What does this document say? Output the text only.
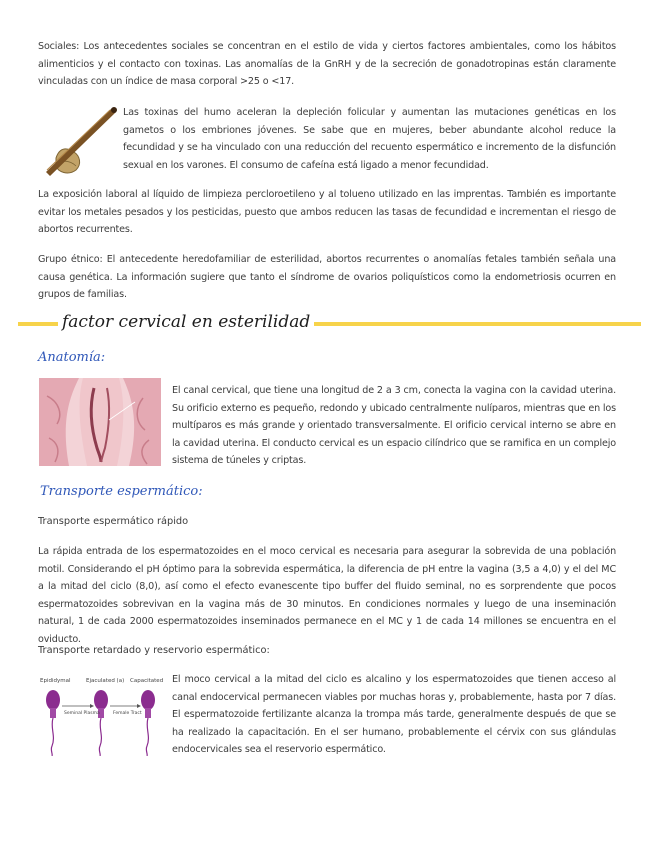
Sociales: Los antecedentes sociales se concentran en el estilo de vida y ciertos factores ambientales, como los hábitos alimenticios y el contacto con toxinas. Las anomalías de la GnRH y de la secreción de gonadotropinas están claramente vinculadas con un índice de masa corporal >25 o <17.

Las toxinas del humo aceleran la depleción folicular y aumentan las mutaciones genéticas en los gametos o los embriones jóvenes. Se sabe que en mujeres, beber abundante alcohol reduce la fecundidad y se ha vinculado con una reducción del recuento espermático e incremento de la disfunción sexual en los varones. El consumo de cafeína está ligado a menor fecundidad.

La exposición laboral al líquido de limpieza percloroetileno y al tolueno utilizado en las imprentas. También es importante evitar los metales pesados y los pesticidas, puesto que ambos reducen las tasas de fecundidad e incrementan el riesgo de abortos recurrentes.

Grupo étnico: El antecedente heredofamiliar de esterilidad, abortos recurrentes o anomalías fetales también señala una causa genética. La información sugiere que tanto el síndrome de ovarios poliquísticos como la endometriosis ocurren en grupos de familias.

factor cervical en esterilidad
Anatomía:

El canal cervical, que tiene una longitud de 2 a 3 cm, conecta la vagina con la cavidad uterina. Su orificio externo es pequeño, redondo y ubicado centralmente nulíparos, mientras que en los multíparos es más grande y orientado transversalmente. El orificio cervical interno se abre en la cavidad uterina. El conducto cervical es un espacio cilíndrico que se ramifica en un complejo sistema de túneles y criptas.

Transporte espermático:
Transporte espermático rápido

La rápida entrada de los espermatozoides en el moco cervical es necesaria para asegurar la sobrevida de una población motil. Considerando el pH óptimo para la sobrevida espermática, la diferencia de pH entre la vagina (3,5 a 4,0) y el del MC a la mitad del ciclo (8,0), así como el efecto evanescente tipo buffer del fluido seminal, no es sorprendente que pocos espermatozoides sobrevivan en la vagina más de 30 minutos. En condiciones normales y luego de una inseminación natural, 1 de cada 2000 espermatozoides inseminados permanece en el MC y 1 de cada 14 millones se encuentra en el oviducto.

Transporte retardado y reservorio espermático:
Epididymal	Ejaculated (a) Capacitated
Seminal Plasma	Female Tract

El moco cervical a la mitad del ciclo es alcalino y los espermatozoides que tienen acceso al canal endocervical permanecen viables por muchas horas y, probablemente, hasta por 7 días. El espermatozoide fertilizante alcanza la trompa más tarde, generalmente después de que se ha realizado la capacitación. En el ser humano, probablemente el cérvix con sus glándulas endocervicales sea el reservorio espermático.
